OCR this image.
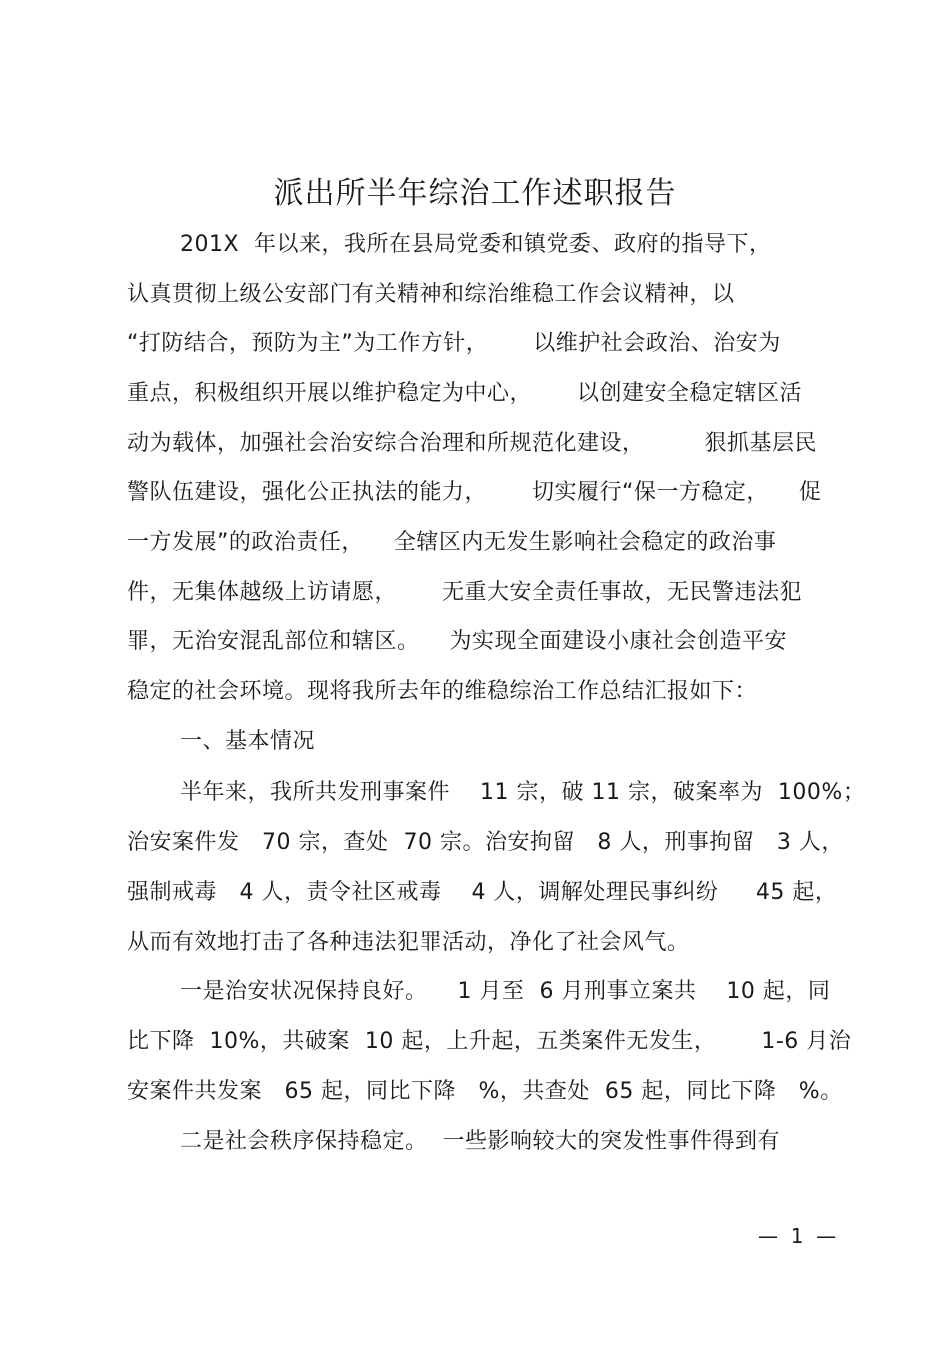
派出所半年综治工作述职报告
201X  年以来，我所在县局党委和镇党委、政府的指导下，
认真贯彻上级公安部门有关精神和综治维稳工作会议精神，以
“打防结合，预防为主”为工作方针，      以维护社会政治、治安为
重点，积极组织开展以维护稳定为中心，      以创建安全稳定辖区活
动为载体，加强社会治安综合治理和所规范化建设，        狠抓基层民
警队伍建设，强化公正执法的能力，      切实履行“保一方稳定，    促
一方发展”的政治责任，    全辖区内无发生影响社会稳定的政治事
件，无集体越级上访请愿，      无重大安全责任事故，无民警违法犯
罪，无治安混乱部位和辖区。    为实现全面建设小康社会创造平安
稳定的社会环境。现将我所去年的维稳综治工作总结汇报如下：
一、基本情况
半年来，我所共发刑事案件    11 宗，破 11 宗，破案率为  100%；
治安案件发   70 宗，查处  70 宗。治安拘留   8 人，刑事拘留   3 人，
强制戒毒   4 人，责令社区戒毒    4 人，调解处理民事纠纷     45 起，
从而有效地打击了各种违法犯罪活动，净化了社会风气。
一是治安状况保持良好。    1 月至  6 月刑事立案共    10 起，同
比下降  10%，共破案  10 起，上升起，五类案件无发生，      1-6 月治
安案件共发案   65 起，同比下降   %，共查处  65 起，同比下降   %。
二是社会秩序保持稳定。  一些影响较大的突发性事件得到有
—  1  —
